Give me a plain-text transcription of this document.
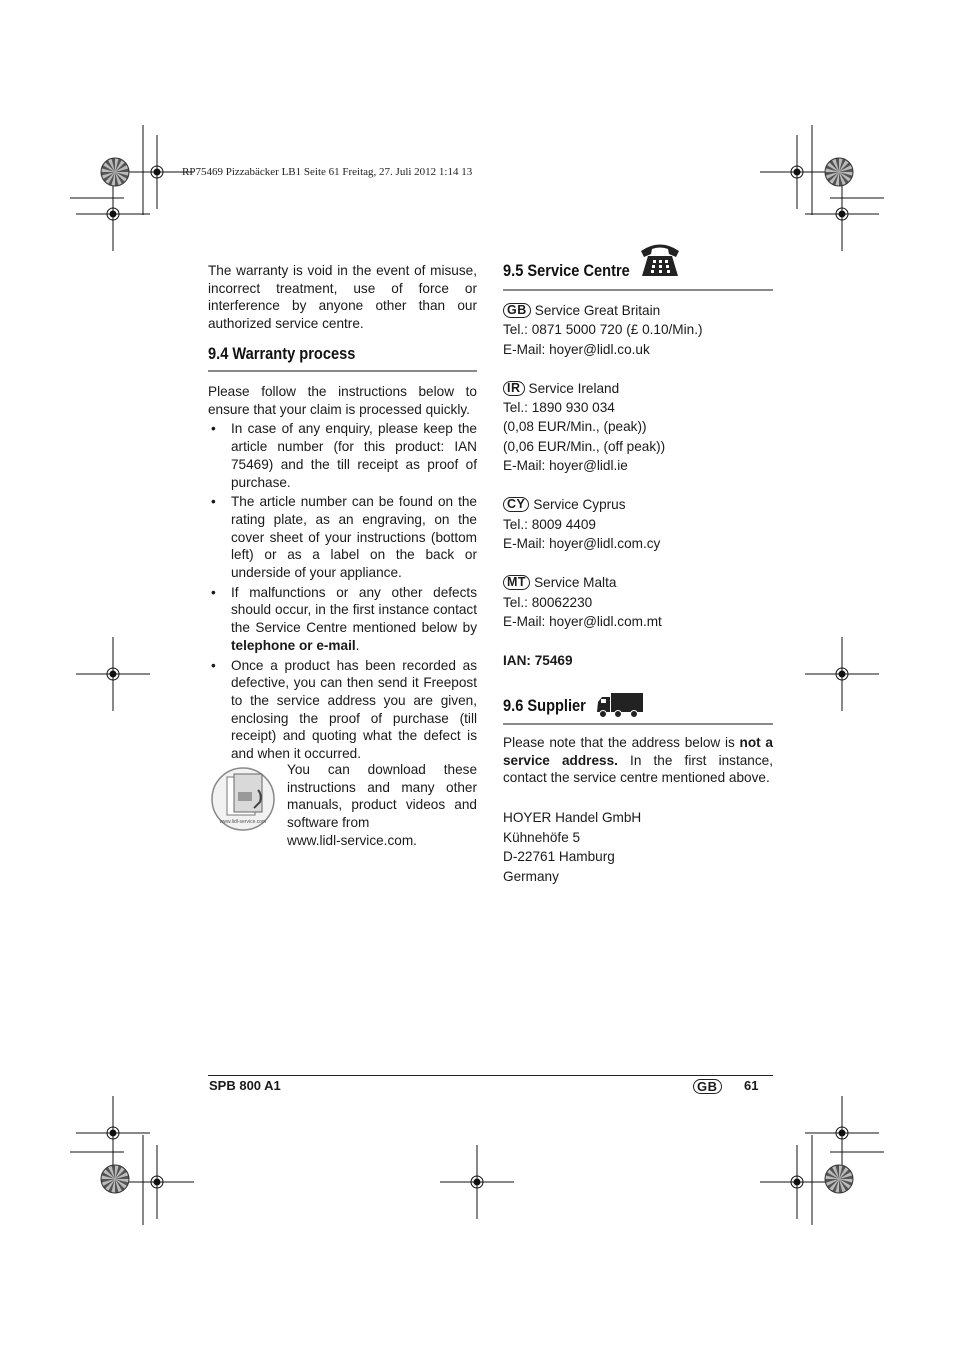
RP75469 Pizzabäcker LB1 Seite 61 Freitag, 27. Juli 2012 1:14 13
The warranty is void in the event of misuse, incorrect treatment, use of force or interference by anyone other than our authorized service centre.
9.4 Warranty process
Please follow the instructions below to ensure that your claim is processed quickly.
• In case of any enquiry, please keep the article number (for this product: IAN 75469) and the till receipt as proof of purchase.
• The article number can be found on the rating plate, as an engraving, on the cover sheet of your instructions (bottom left) or as a label on the back or underside of your appliance.
• If malfunctions or any other defects should occur, in the first instance contact the Service Centre mentioned below by telephone or e-mail.
• Once a product has been recorded as defective, you can then send it Freepost to the service address you are given, enclosing the proof of purchase (till receipt) and quoting what the defect is and when it occurred.
www.lidl-service.com
You can download these instructions and many other manuals, product videos and software from
www.lidl-service.com.
9.5 Service Centre
GB Service Great Britain
Tel.: 0871 5000 720 (£ 0.10/Min.)
E-Mail: hoyer@lidl.co.uk
IR Service Ireland
Tel.: 1890 930 034
(0,08 EUR/Min., (peak))
(0,06 EUR/Min., (off peak))
E-Mail: hoyer@lidl.ie
CY Service Cyprus
Tel.: 8009 4409
E-Mail: hoyer@lidl.com.cy
MT Service Malta
Tel.: 80062230
E-Mail: hoyer@lidl.com.mt
IAN: 75469
9.6 Supplier
Please note that the address below is not a service address. In the first instance, contact the service centre mentioned above.
HOYER Handel GmbH
Kühnehöfe 5
D-22761 Hamburg
Germany
SPB 800 A1	GB	61
